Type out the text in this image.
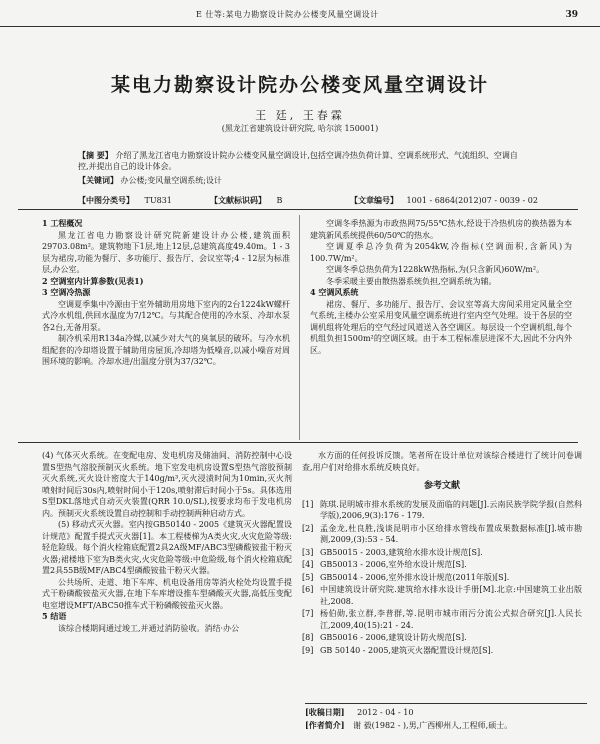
E 仕等:某电力勘察设计院办公楼变风量空调设计	39
某电力勘察设计院办公楼变风量空调设计
王 廷, 王春霖
(黑龙江省建筑设计研究院, 哈尔滨 150001)
【摘 要】 介绍了黑龙江省电力勘察设计院办公楼变风量空调设计,包括空调冷热负荷计算、空调系统形式、气流组织、空调自控,并提出自己的设计体会。
【关键词】 办公楼;变风量空调系统;设计
【中图分类号】 TU831	【文献标识码】 B	【文章编号】 1001 - 6864(2012)07 - 0039 - 02

1 工程概况

黑龙江省电力勘察设计研究院新建设计办公楼,建筑面积29703.08m²。建筑物地下1层,地上12层,总建筑高度49.40m。1 - 3层为裙房,功能为餐厅、多功能厅、报告厅、会议室等;4 - 12层为标准层,办公室。

2 空调室内计算参数(见表1)

3 空调冷热源

空调夏季集中冷源由于室外辅助用房地下室内的2台1224kW螺杆式冷水机组,供回水温度为7/12℃。与其配合使用的冷水泵、冷却水泵各2台,无备用泵。

制冷机采用R134a冷媒,以减少对大气的臭氧层的破坏。与冷水机组配套的冷却塔设置于辅助用房屋顶,冷却塔为低噪音,以减小噪音对周围环境的影响。冷却水进/出温度分别为37/32℃。

空调冬季热源为市政热网75/55℃热水,经设于冷热机房的换热器为本建筑新风系统提供60/50℃的热水。

空调夏季总冷负荷为2054kW,冷指标(空调面积,含新风)为100.7W/m²。

空调冬季总热负荷为1228kW热指标,为(只含新风)60W/m²。

冬季采暖主要由散热器系统负担,空调系统为辅。

4 空调风系统

裙房、餐厅、多功能厅、报告厅、会议室等高大房间采用定风量全空气系统,主楼办公室采用变风量空调系统进行室内空气处理。设于各层的空调机组将处理后的空气经过风道送入各空调区。每层设一个空调机组,每个机组负担1500m²的空调区域。由于本工程标准层进深不大,因此不分内外区。

(4) 气体灭火系统。在变配电房、发电机房及储油间、消防控制中心设置S型热气溶胶预制灭火系统。地下室发电机房设置S型热气溶胶预制灭火系统,灭火设计密度大于140g/m³,灭火浸渍时间为10min,灭火剂喷射时间后30s内,喷射时间小于120s,喷射滞后时间小于5s。具体选用S型DKL落地式自动灭火装置(QRR 10.0/SL),按要求均布于发电机房内。预制灭火系统设置自动控制和手动控制两种启动方式。

(5) 移动式灭火器。室内按GB50140 - 2005《建筑灭火器配置设计规范》配置手提式灭火器[1]。本工程楼梯为A类火灾,火灾危险等级:轻危险级。每个消火栓箱底配置2具2A级MF/ABC3型磷酸铵盐干粉灭火器;裙楼地下室为B类火灾,火灾危险等级:中危险级,每个消火栓箱底配置2具55B级MF/ABC4型磷酸铵盐干粉灭火器。

公共场所、走道、地下车库、机电设备用房等消火栓处均设置手提式干粉磷酸铵盐灭火器,在地下车库增设推车型磷酸灭火器,高低压变配电室增设MFT/ABC50推车式干粉磷酸铵盐灭火器。

5 结语

该综合楼期间通过竣工,并通过消防验收。消结·办公

水方面的任何投诉反馈。笔者所在设计单位对该综合楼进行了统计问卷调查,用户们对给排水系统反映良好。

参考文献
[1] 陈琪.昆明城市排水系统的发展及面临的问题[J].云南民族学院学报(自然科学版),2006,9(3):176 - 179.
[2] 孟金龙,杜良胜,浅谈昆明市小区给排水管线布置成果数据标准[J].城市勘测,2009,(3):53 - 54.
[3] GB50015 - 2003,建筑给水排水设计规范[S].
[4] GB50013 - 2006,室外给水设计规范[S].
[5] GB50014 - 2006,室外排水设计规范(2011年版)[S].
[6] 中国建筑设计研究院.建筑给水排水设计手册[M].北京:中国建筑工业出版社,2008.
[7] 杨伯勋,张立群,李普群,等.昆明市城市雨污分流公式拟合研究[J].人民长江,2009,40(15):21 - 24.
[8] GB50016 - 2006,建筑设计防火规范[S].
[9] GB 50140 - 2005,建筑灭火器配置设计规范[S].
[收稿日期] 2012 - 04 - 10
[作者简介] 谢 毅(1982 - ),男,广西柳州人,工程师,硕士。
